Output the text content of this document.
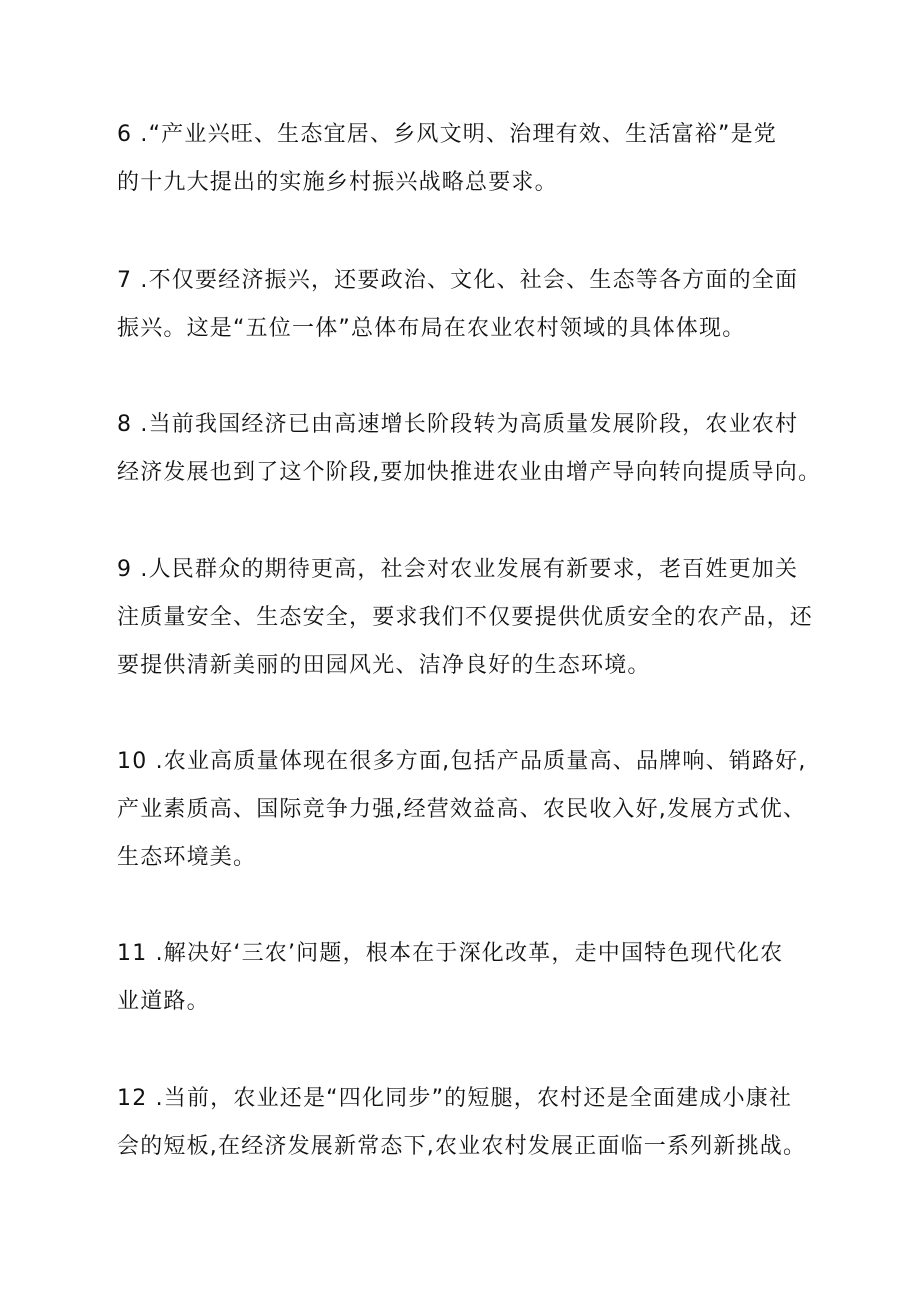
6 .“产业兴旺、生态宜居、乡风文明、治理有效、生活富裕”是党
的十九大提出的实施乡村振兴战略总要求。
7 .不仅要经济振兴，还要政治、文化、社会、生态等各方面的全面
振兴。这是“五位一体”总体布局在农业农村领域的具体体现。
8 .当前我国经济已由高速增长阶段转为高质量发展阶段，农业农村
经济发展也到了这个阶段,要加快推进农业由增产导向转向提质导向。
9 .人民群众的期待更高，社会对农业发展有新要求，老百姓更加关
注质量安全、生态安全，要求我们不仅要提供优质安全的农产品，还
要提供清新美丽的田园风光、洁净良好的生态环境。
10 .农业高质量体现在很多方面,包括产品质量高、品牌响、销路好,
产业素质高、国际竞争力强,经营效益高、农民收入好,发展方式优、
生态环境美。
11 .解决好‘三农’问题，根本在于深化改革，走中国特色现代化农
业道路。
12 .当前，农业还是“四化同步”的短腿，农村还是全面建成小康社
会的短板,在经济发展新常态下,农业农村发展正面临一系列新挑战。
